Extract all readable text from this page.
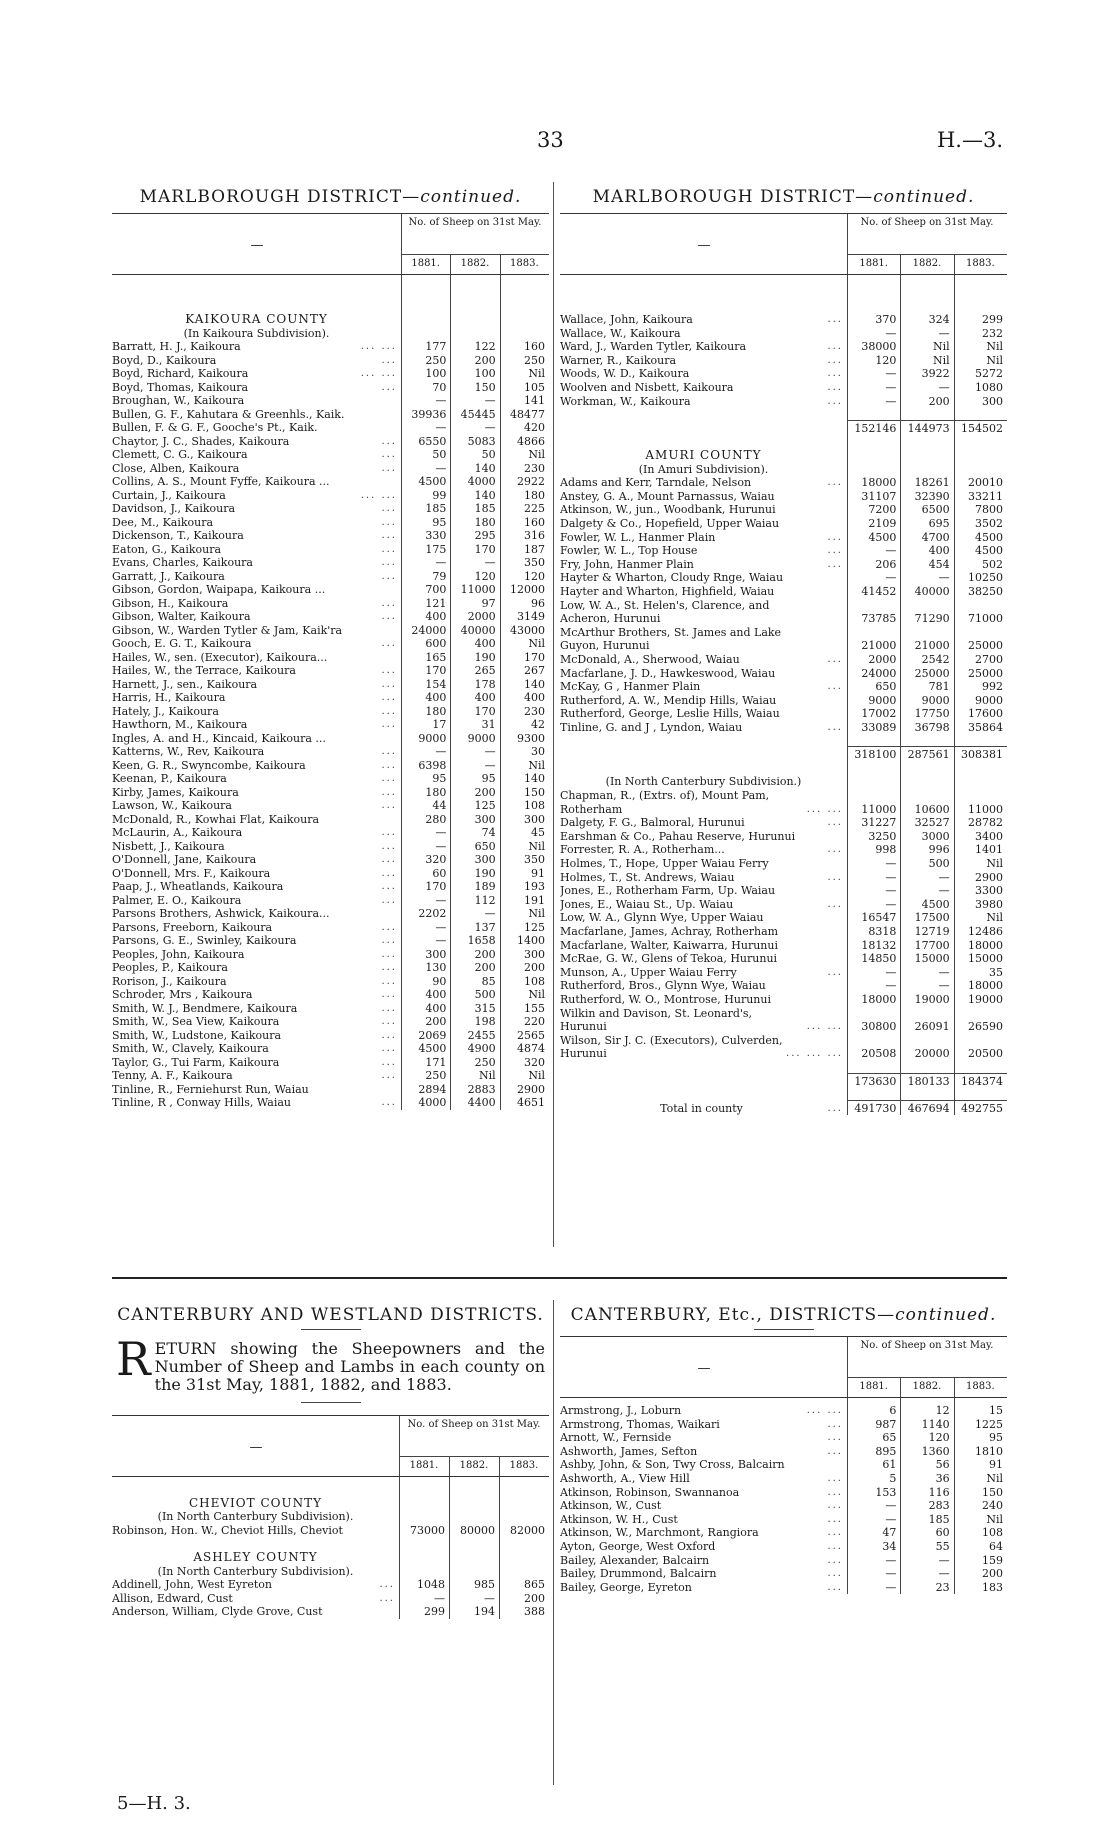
33	H.—3.
MARLBOROUGH DISTRICT—continued.
—
No. of Sheep on 31st May.
1881.	1882.	1883.
KAIKOURA COUNTY
(In Kaikoura Subdivision).
Barratt, H. J., Kaikoura	... ...	177	122	160
Boyd, D., Kaikoura	...	250	200	250
Boyd, Richard, Kaikoura	... ...	100	100	Nil
Boyd, Thomas, Kaikoura	...	70	150	105
Broughan, W., Kaikoura	—	—	141
Bullen, G. F., Kahutara & Greenhls., Kaik.	39936	45445	48477
Bullen, F. & G. F., Gooche's Pt., Kaik.	—	—	420
Chaytor, J. C., Shades, Kaikoura	...	6550	5083	4866
Clemett, C. G., Kaikoura	...	50	50	Nil
Close, Alben, Kaikoura	...	—	140	230
Collins, A. S., Mount Fyffe, Kaikoura ...	4500	4000	2922
Curtain, J., Kaikoura	... ...	99	140	180
Davidson, J., Kaikoura	...	185	185	225
Dee, M., Kaikoura	...	95	180	160
Dickenson, T., Kaikoura	...	330	295	316
Eaton, G., Kaikoura	...	175	170	187
Evans, Charles, Kaikoura	...	—	—	350
Garratt, J., Kaikoura	...	79	120	120
Gibson, Gordon, Waipapa, Kaikoura ...	700	11000	12000
Gibson, H., Kaikoura	...	121	97	96
Gibson, Walter, Kaikoura	...	400	2000	3149
Gibson, W., Warden Tytler & Jam, Kaik'ra	24000	40000	43000
Gooch, E. G. T., Kaikoura	...	600	400	Nil
Hailes, W., sen. (Executor), Kaikoura...	165	190	170
Hailes, W., the Terrace, Kaikoura	...	170	265	267
Harnett, J., sen., Kaikoura	...	154	178	140
Harris, H., Kaikoura	...	400	400	400
Hately, J., Kaikoura	...	180	170	230
Hawthorn, M., Kaikoura	...	17	31	42
Ingles, A. and H., Kincaid, Kaikoura ...	9000	9000	9300
Katterns, W., Rev, Kaikoura	...	—	—	30
Keen, G. R., Swyncombe, Kaikoura	...	6398	—	Nil
Keenan, P., Kaikoura	...	95	95	140
Kirby, James, Kaikoura	...	180	200	150
Lawson, W., Kaikoura	...	44	125	108
McDonald, R., Kowhai Flat, Kaikoura	280	300	300
McLaurin, A., Kaikoura	...	—	74	45
Nisbett, J., Kaikoura	...	—	650	Nil
O'Donnell, Jane, Kaikoura	...	320	300	350
O'Donnell, Mrs. F., Kaikoura	...	60	190	91
Paap, J., Wheatlands, Kaikoura	...	170	189	193
Palmer, E. O., Kaikoura	...	—	112	191
Parsons Brothers, Ashwick, Kaikoura...	2202	—	Nil
Parsons, Freeborn, Kaikoura	...	—	137	125
Parsons, G. E., Swinley, Kaikoura	...	—	1658	1400
Peoples, John, Kaikoura	...	300	200	300
Peoples, P., Kaikoura	...	130	200	200
Rorison, J., Kaikoura	...	90	85	108
Schroder, Mrs , Kaikoura	...	400	500	Nil
Smith, W. J., Bendmere, Kaikoura	...	400	315	155
Smith, W., Sea View, Kaikoura	...	200	198	220
Smith, W., Ludstone, Kaikoura	...	2069	2455	2565
Smith, W., Clavely, Kaikoura	...	4500	4900	4874
Taylor, G., Tui Farm, Kaikoura	...	171	250	320
Tenny, A. F., Kaikoura	...	250	Nil	Nil
Tinline, R., Ferniehurst Run, Waiau	2894	2883	2900
Tinline, R , Conway Hills, Waiau	...	4000	4400	4651
MARLBOROUGH DISTRICT—continued.
—
No. of Sheep on 31st May.
1881.	1882.	1883.
Wallace, John, Kaikoura	...	370	324	299
Wallace, W., Kaikoura	—	—	232
Ward, J., Warden Tytler, Kaikoura	...	38000	Nil	Nil
Warner, R., Kaikoura	...	120	Nil	Nil
Woods, W. D., Kaikoura	...	—	3922	5272
Woolven and Nisbett, Kaikoura	...	—	—	1080
Workman, W., Kaikoura	...	—	200	300
152146	144973	154502
AMURI COUNTY
(In Amuri Subdivision).
Adams and Kerr, Tarndale, Nelson	...	18000	18261	20010
Anstey, G. A., Mount Parnassus, Waiau	31107	32390	33211
Atkinson, W., jun., Woodbank, Hurunui	7200	6500	7800
Dalgety & Co., Hopefield, Upper Waiau	2109	695	3502
Fowler, W. L., Hanmer Plain	...	4500	4700	4500
Fowler, W. L., Top House	...	—	400	4500
Fry, John, Hanmer Plain	...	206	454	502
Hayter & Wharton, Cloudy Rnge, Waiau	—	—	10250
Hayter and Wharton, Highfield, Waiau	41452	40000	38250
Low, W. A., St. Helen's, Clarence, and
Acheron, Hurunui	73785	71290	71000
McArthur Brothers, St. James and Lake
Guyon, Hurunui	21000	21000	25000
McDonald, A., Sherwood, Waiau	...	2000	2542	2700
Macfarlane, J. D., Hawkeswood, Waiau	24000	25000	25000
McKay, G , Hanmer Plain	...	650	781	992
Rutherford, A. W., Mendip Hills, Waiau	9000	9000	9000
Rutherford, George, Leslie Hills, Waiau	17002	17750	17600
Tinline, G. and J , Lyndon, Waiau	...	33089	36798	35864
318100	287561	308381
(In North Canterbury Subdivision.)
Chapman, R., (Extrs. of), Mount Pam,
Rotherham	... ...	11000	10600	11000
Dalgety, F. G., Balmoral, Hurunui	...	31227	32527	28782
Earshman & Co., Pahau Reserve, Hurunui	3250	3000	3400
Forrester, R. A., Rotherham...	...	998	996	1401
Holmes, T., Hope, Upper Waiau Ferry	—	500	Nil
Holmes, T., St. Andrews, Waiau	...	—	—	2900
Jones, E., Rotherham Farm, Up. Waiau	—	—	3300
Jones, E., Waiau St., Up. Waiau	...	—	4500	3980
Low, W. A., Glynn Wye, Upper Waiau	16547	17500	Nil
Macfarlane, James, Achray, Rotherham	8318	12719	12486
Macfarlane, Walter, Kaiwarra, Hurunui	18132	17700	18000
McRae, G. W., Glens of Tekoa, Hurunui	14850	15000	15000
Munson, A., Upper Waiau Ferry	...	—	—	35
Rutherford, Bros., Glynn Wye, Waiau	—	—	18000
Rutherford, W. O., Montrose, Hurunui	18000	19000	19000
Wilkin and Davison, St. Leonard's,
Hurunui	... ...	30800	26091	26590
Wilson, Sir J. C. (Executors), Culverden,
Hurunui	... ... ...	20508	20000	20500
173630	180133	184374
Total in county	...	491730	467694	492755
CANTERBURY AND WESTLAND DISTRICTS.
RETURN showing the Sheepowners and the Number of Sheep and Lambs in each county on the 31st May, 1881, 1882, and 1883.
—
No. of Sheep on 31st May.
1881.	1882.	1883.
CHEVIOT COUNTY
(In North Canterbury Subdivision).
Robinson, Hon. W., Cheviot Hills, Cheviot	73000	80000	82000
ASHLEY COUNTY
(In North Canterbury Subdivision).
Addinell, John, West Eyreton	...	1048	985	865
Allison, Edward, Cust	...	—	—	200
Anderson, William, Clyde Grove, Cust	299	194	388
CANTERBURY, Etc., DISTRICTS—continued.
—
No. of Sheep on 31st May.
1881.	1882.	1883.
Armstrong, J., Loburn	... ...	6	12	15
Armstrong, Thomas, Waikari	...	987	1140	1225
Arnott, W., Fernside	...	65	120	95
Ashworth, James, Sefton	...	895	1360	1810
Ashby, John, & Son, Twy Cross, Balcairn	61	56	91
Ashworth, A., View Hill	...	5	36	Nil
Atkinson, Robinson, Swannanoa	...	153	116	150
Atkinson, W., Cust	...	—	283	240
Atkinson, W. H., Cust	...	—	185	Nil
Atkinson, W., Marchmont, Rangiora	...	47	60	108
Ayton, George, West Oxford	...	34	55	64
Bailey, Alexander, Balcairn	...	—	—	159
Bailey, Drummond, Balcairn	...	—	—	200
Bailey, George, Eyreton	...	—	23	183
5—H. 3.
